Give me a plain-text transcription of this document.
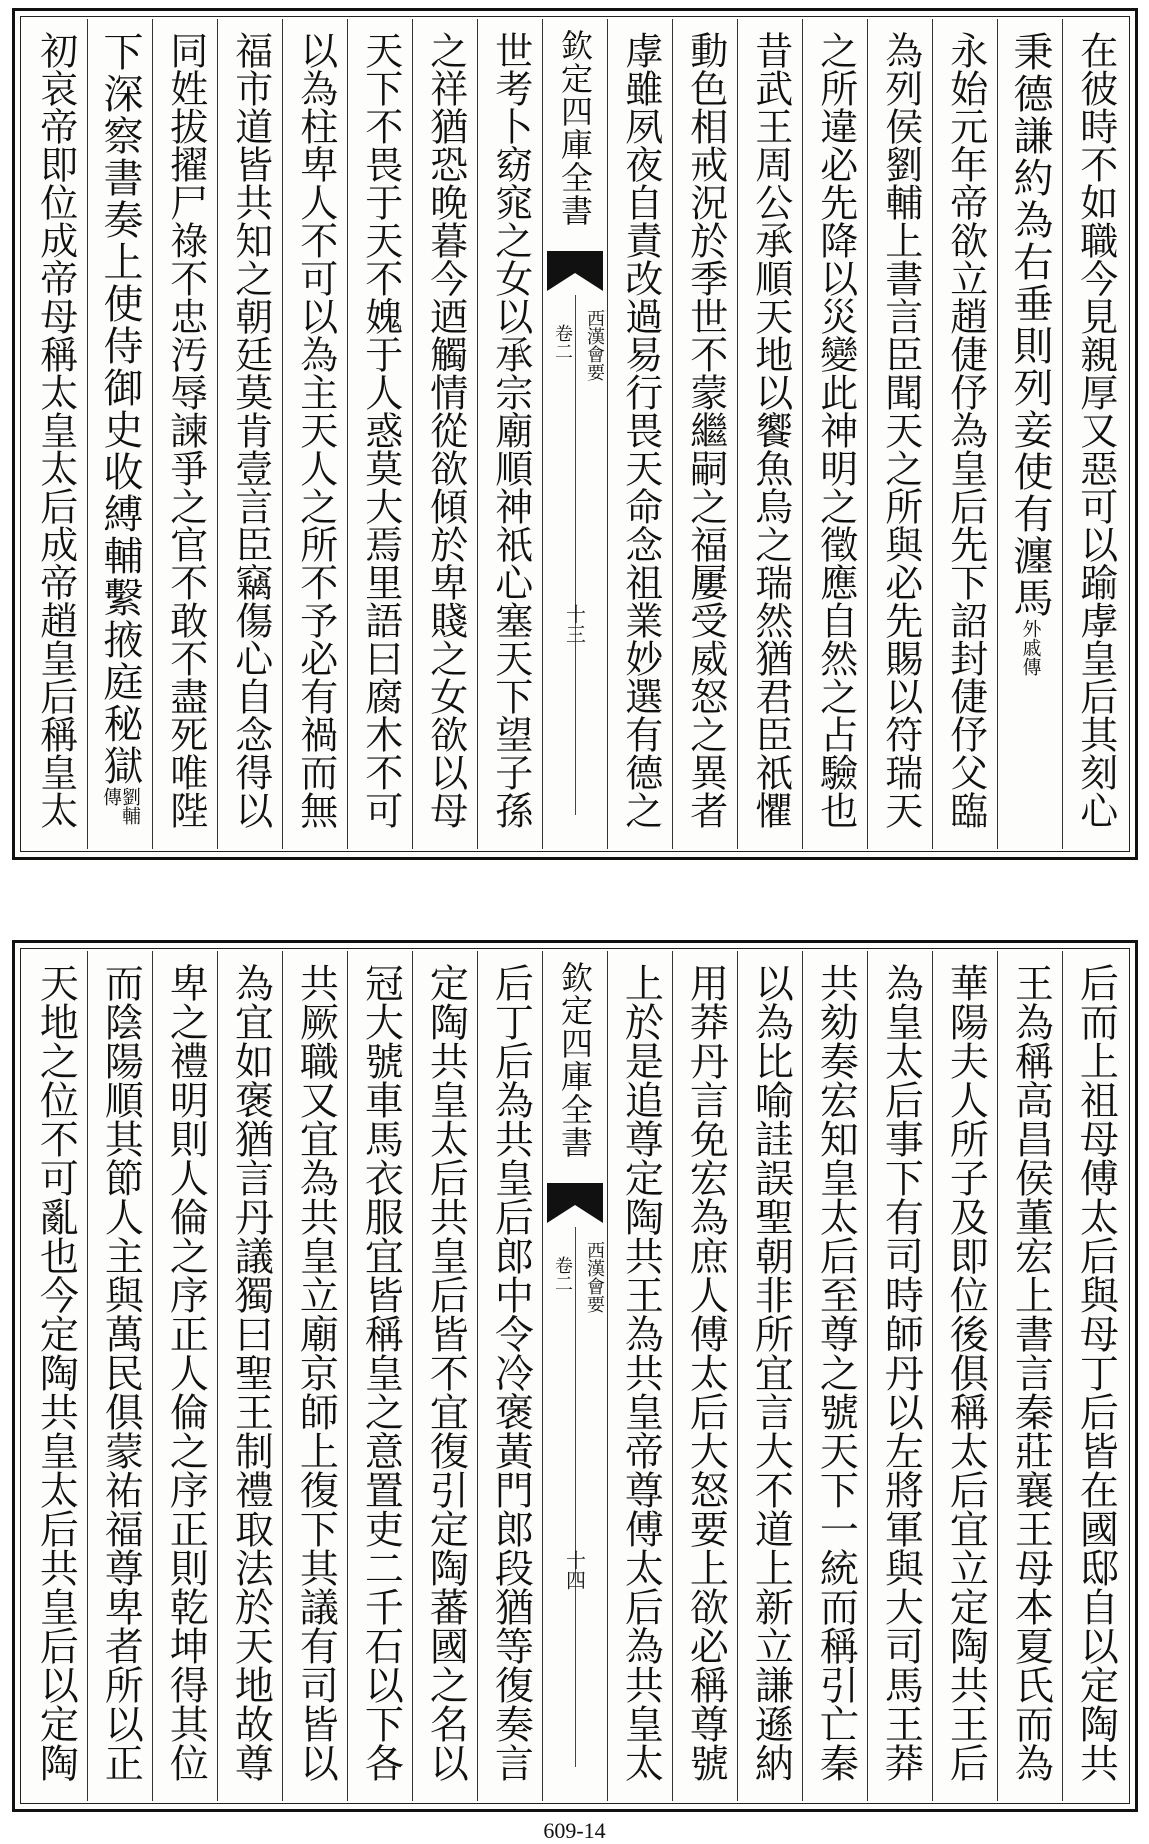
在彼時不如職今見親厚又惡可以踰虖皇后其刻心
秉德謙約為右垂則列妾使有瀍馬
外戚傳
永始元年帝欲立趙倢伃為皇后先下詔封倢伃父臨
為列侯劉輔上書言臣聞天之所與必先賜以符瑞天
之所違必先降以災變此神明之徵應自然之占驗也
昔武王周公承順天地以饗魚烏之瑞然猶君臣祇懼
動色相戒況於季世不蒙繼嗣之福屢受威怒之異者
虖雖夙夜自責改過易行畏天命念祖業妙選有德之
欽定四庫全書
西漢會要
卷二
十三
世考卜窈窕之女以承宗廟順神祇心塞天下望子孫
之祥猶恐晚暮今迺觸情從欲傾於卑賤之女欲以母
天下不畏于天不媿于人惑莫大焉里語曰腐木不可
以為柱卑人不可以為主天人之所不予必有禍而無
福市道皆共知之朝廷莫肯壹言臣竊傷心自念得以
同姓拔擢尸祿不忠汚辱諫爭之官不敢不盡死唯陛
下深察書奏上使侍御史收縛輔繫掖庭秘獄
劉輔傳
初哀帝即位成帝母稱太皇太后成帝趙皇后稱皇太
后而上祖母傅太后與母丁后皆在國邸自以定陶共
王為稱高昌侯董宏上書言秦莊襄王母本夏氏而為
華陽夫人所子及即位後俱稱太后宜立定陶共王后
為皇太后事下有司時師丹以左將軍與大司馬王莽
共劾奏宏知皇太后至尊之號天下一統而稱引亡秦
以為比喻詿誤聖朝非所宜言大不道上新立謙遜納
用莽丹言免宏為庶人傅太后大怒要上欲必稱尊號
上於是追尊定陶共王為共皇帝尊傅太后為共皇太
欽定四庫全書
西漢會要
卷二
十四
后丁后為共皇后郎中令冷褒黃門郎段猶等復奏言
定陶共皇太后共皇后皆不宜復引定陶蕃國之名以
冠大號車馬衣服宜皆稱皇之意置吏二千石以下各
共厥職又宜為共皇立廟京師上復下其議有司皆以
為宜如褒猶言丹議獨曰聖王制禮取法於天地故尊
卑之禮明則人倫之序正人倫之序正則乾坤得其位
而陰陽順其節人主與萬民俱蒙祐福尊卑者所以正
天地之位不可亂也今定陶共皇太后共皇后以定陶
609-14
